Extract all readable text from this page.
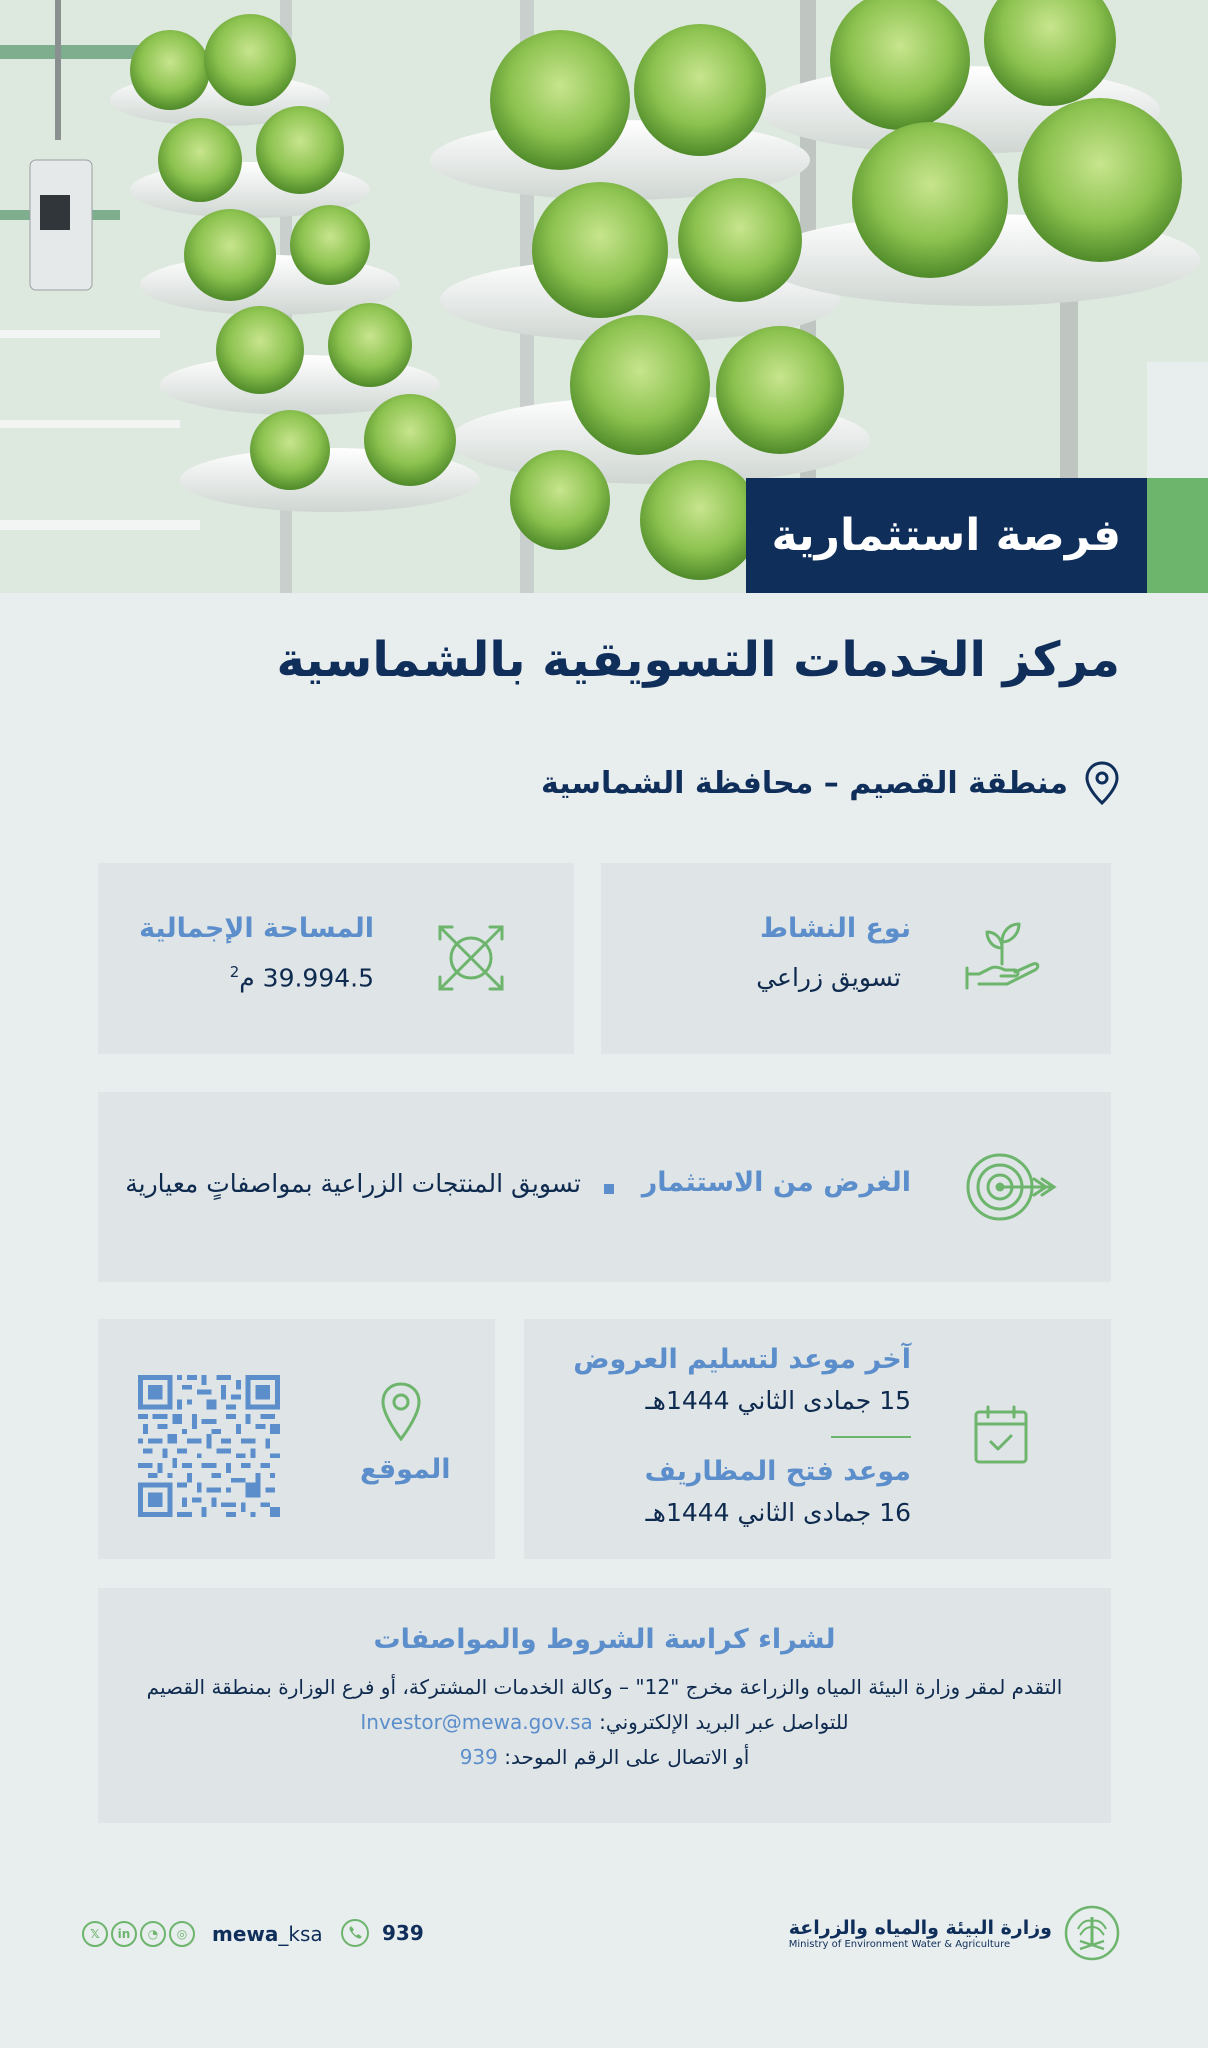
فرصة استثمارية
مركز الخدمات التسويقية بالشماسية
منطقة القصيم – محافظة الشماسية
نوع النشاط
تسويق زراعي
المساحة الإجمالية
39.994.5 م$^2$
الغرض من الاستثمار
تسويق المنتجات الزراعية بمواصفاتٍ معيارية
آخر موعد لتسليم العروض
15 جمادى الثاني 1444هـ
موعد فتح المظاريف
16 جمادى الثاني 1444هـ
الموقع
لشراء كراسة الشروط والمواصفات
التقدم لمقر وزارة البيئة المياه والزراعة مخرج "12" – وكالة الخدمات المشتركة، أو فرع الوزارة بمنطقة القصيم
للتواصل عبر البريد الإلكتروني: Investor@mewa.gov.sa
أو الاتصال على الرقم الموحد: 939
وزارة البيئة والمياه والزراعة
Ministry of Environment Water & Agriculture
939
𝕏	in	◔	◎	mewa_ksa
